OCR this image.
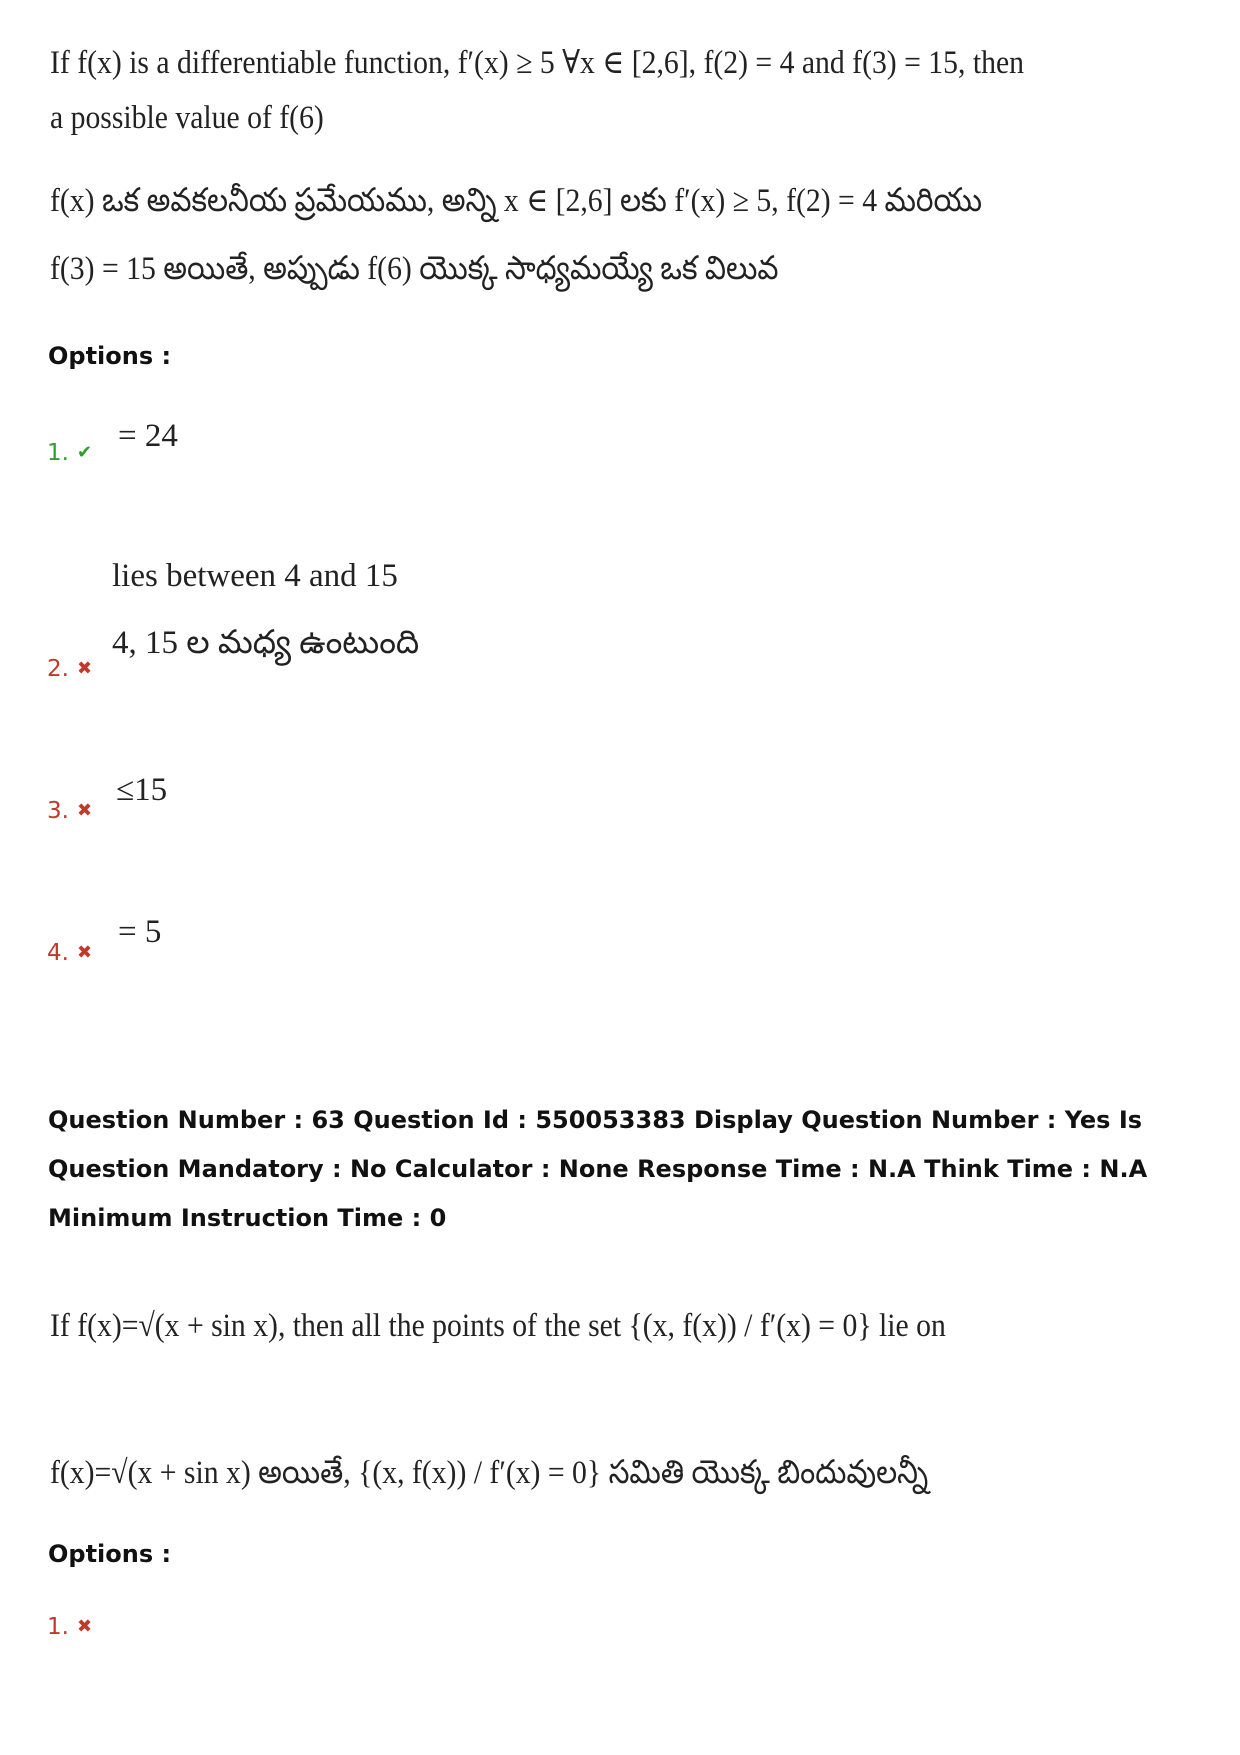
If f(x) is a differentiable function, f′(x) ≥ 5 ∀x ∈ [2,6], f(2) = 4 and f(3) = 15, then
a possible value of f(6)
f(x) ఒక అవకలనీయ ప్రమేయము, అన్ని x ∈ [2,6] లకు f′(x) ≥ 5, f(2) = 4 మరియు
f(3) = 15 అయితే, అప్పుడు f(6) యొక్క సాధ్యమయ్యే ఒక విలువ
Options :
1. ✔ = 24
lies between 4 and 15
4, 15 ల మధ్య ఉంటుంది
2. ✖
3. ✖
≤15
4. ✖
= 5
Question Number : 63 Question Id : 550053383 Display Question Number : Yes Is Question Mandatory : No Calculator : None Response Time : N.A Think Time : N.A Minimum Instruction Time : 0
If f(x)=√(x + sin x), then all the points of the set {(x, f(x)) / f′(x) = 0} lie on
f(x)=√(x + sin x) అయితే, {(x, f(x)) / f′(x) = 0} సమితి యొక్క బిందువులన్నీ
Options :
1. ✖
